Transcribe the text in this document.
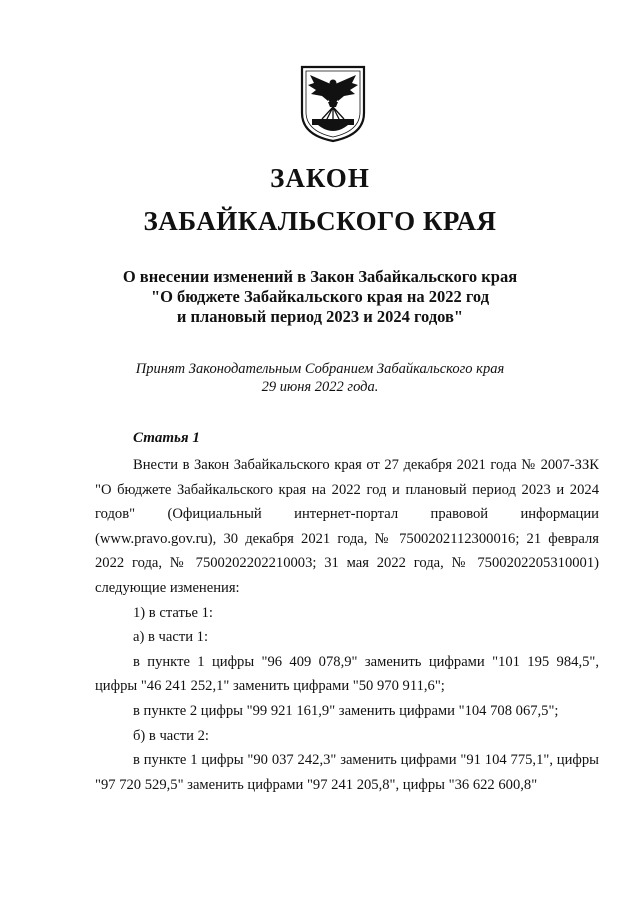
ЗАКОН
ЗАБАЙКАЛЬСКОГО КРАЯ
О внесении изменений в Закон Забайкальского края
"О бюджете Забайкальского края на 2022 год
и плановый период 2023 и 2024 годов"
Принят Законодательным Собранием Забайкальского края
29 июня 2022 года.
Статья 1

Внести в Закон Забайкальского края от 27 декабря 2021 года № 2007-ЗЗК "О бюджете Забайкальского края на 2022 год и плановый период 2023 и 2024 годов" (Официальный интернет-портал правовой информации (www.pravo.gov.ru), 30 декабря 2021 года, № 7500202112300016; 21 февраля 2022 года, № 7500202202210003; 31 мая 2022 года, № 7500202205310001) следующие изменения:

1) в статье 1:

а) в части 1:

в пункте 1 цифры "96 409 078,9" заменить цифрами "101 195 984,5", цифры "46 241 252,1" заменить цифрами "50 970 911,6";

в пункте 2 цифры "99 921 161,9" заменить цифрами "104 708 067,5";

б) в части 2:

в пункте 1 цифры "90 037 242,3" заменить цифрами "91 104 775,1", цифры "97 720 529,5" заменить цифрами "97 241 205,8", цифры "36 622 600,8"
